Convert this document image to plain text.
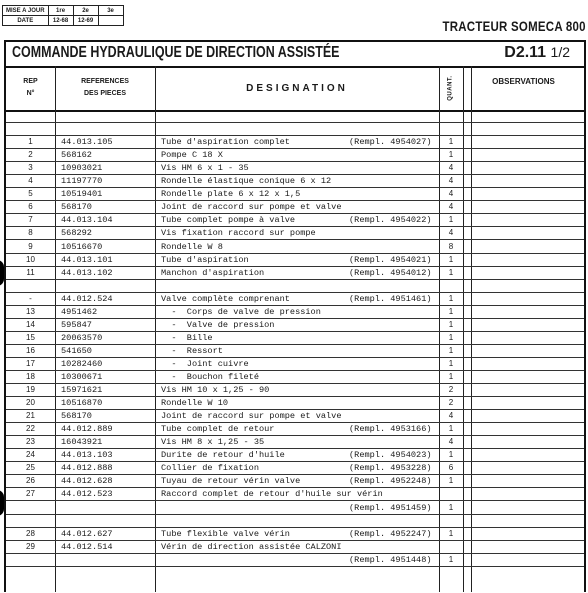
MISE A JOUR	1re	2e	3e
DATE	12-68	12-69		TRACTEUR SOMECA 800
COMMANDE HYDRAULIQUE DE DIRECTION ASSISTÉE	D2.11 1/2
REP
N°
REFERENCES
DES PIECES	DESIGNATION	QUANT.	OBSERVATIONS
1	44.013.105	Tube d'aspiration complet	(Rempl. 4954027)	1
2	568162	Pompe C 18 X	1
3	10903021	Vis HM 6 x 1 - 35	4
4	11197770	Rondelle élastique conique 6 x 12	4
5	10519401	Rondelle plate 6 x 12 x 1,5	4
6	568170	Joint de raccord sur pompe et valve	4
7	44.013.104	Tube complet pompe à valve	(Rempl. 4954022)	1
8	568292	Vis fixation raccord sur pompe	4
9	10516670	Rondelle W 8	8
10	44.013.101	Tube d'aspiration	(Rempl. 4954021)	1
11	44.013.102	Manchon d'aspiration	(Rempl. 4954012)	1
-	44.012.524	Valve complète comprenant	(Rempl. 4951461)	1
13	4951462	-  Corps de valve de pression	1
14	595847	-  Valve de pression	1
15	20063570	-  Bille	1
16	541650	-  Ressort	1
17	10282460	-  Joint cuivre	1
18	10300671	-  Bouchon fileté	1
19	15971621	Vis HM 10 x 1,25 - 90	2
20	10516870	Rondelle W 10	2
21	568170	Joint de raccord sur pompe et valve	4
22	44.012.889	Tube complet de retour	(Rempl. 4953166)	1
23	16043921	Vis HM 8 x 1,25 - 35	4
24	44.013.103	Durite de retour d'huile	(Rempl. 4954023)	1
25	44.012.888	Collier de fixation	(Rempl. 4953228)	6
26	44.012.628	Tuyau de retour vérin valve	(Rempl. 4952248)	1
27	44.012.523	Raccord complet de retour d'huile sur vérin
(Rempl. 4951459)	1
28	44.012.627	Tube flexible valve vérin	(Rempl. 4952247)	1
29	44.012.514	Vérin de direction assistée CALZONI
(Rempl. 4951448)	1
